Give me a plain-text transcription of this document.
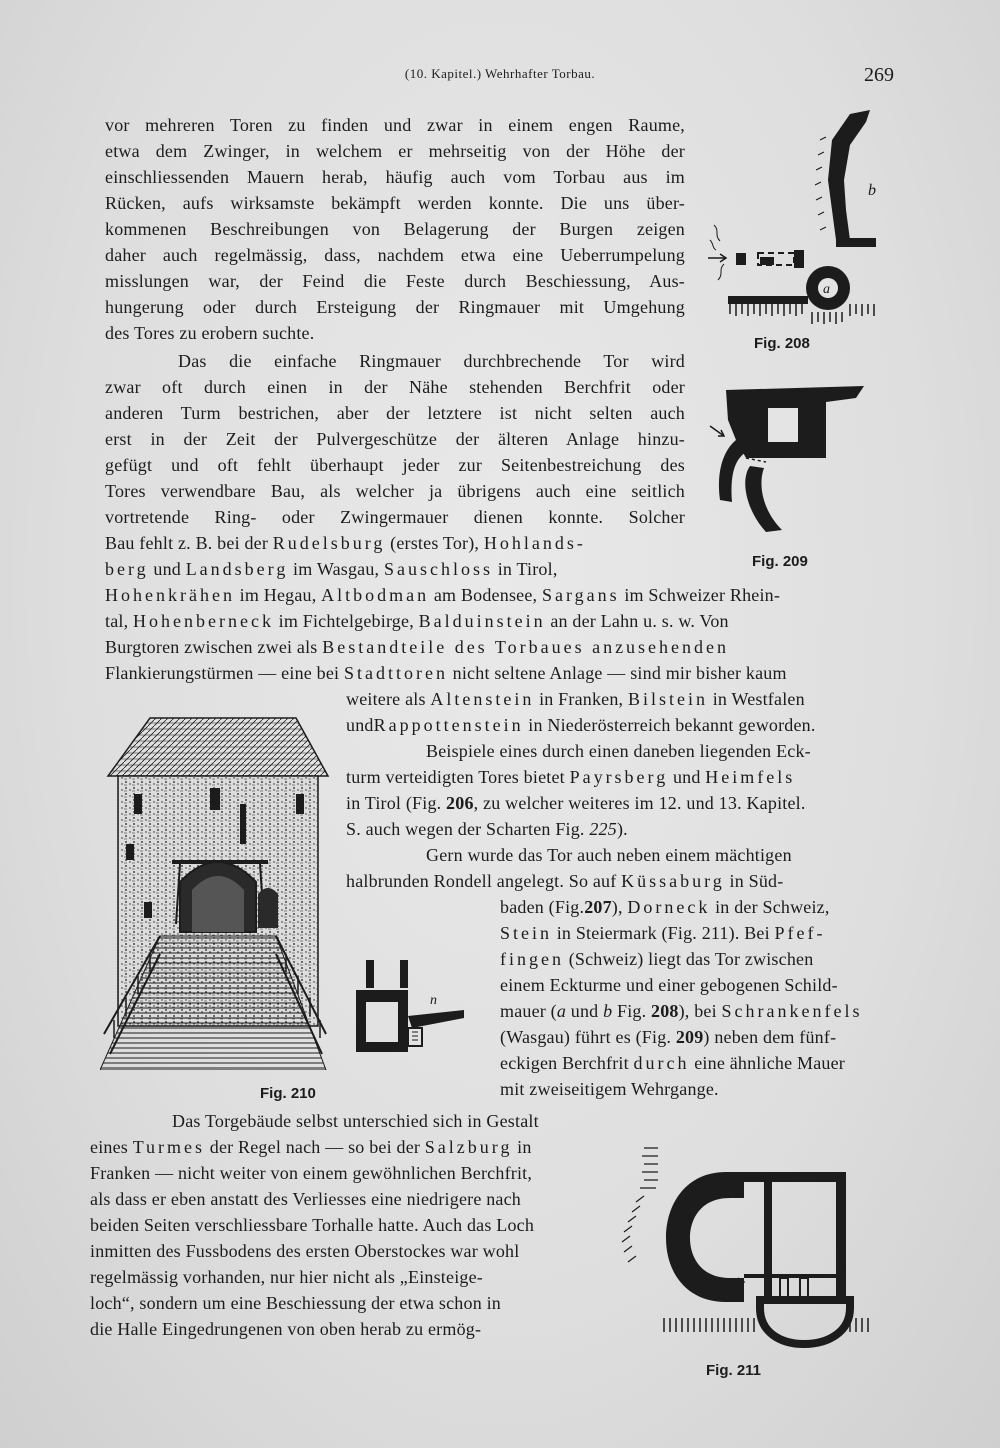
(10. Kapitel.) Wehrhafter Torbau.	269
vor mehreren Toren zu finden und zwar in einem engen Raume,
etwa dem Zwinger, in welchem er mehrseitig von der Höhe der
einschliessenden Mauern herab, häufig auch vom Torbau aus im
Rücken, aufs wirksamste bekämpft werden konnte. Die uns über-
kommenen Beschreibungen von Belagerung der Burgen zeigen
daher auch regelmässig, dass, nachdem etwa eine Ueberrumpelung
misslungen war, der Feind die Feste durch Beschiessung, Aus-
hungerung oder durch Ersteigung der Ringmauer mit Umgehung
des Tores zu erobern suchte.
Das die einfache Ringmauer durchbrechende Tor wird
zwar oft durch einen in der Nähe stehenden Berchfrit oder
anderen Turm bestrichen, aber der letztere ist nicht selten auch
erst in der Zeit der Pulvergeschütze der älteren Anlage hinzu-
gefügt und oft fehlt überhaupt jeder zur Seitenbestreichung des
Tores verwendbare Bau, als welcher ja übrigens auch eine seitlich
vortretende Ring- oder Zwingermauer dienen konnte. Solcher
Bau fehlt z. B. bei der Rudelsburg (erstes Tor), Hohlands-
berg und Landsberg im Wasgau, Sauschloss in Tirol,
Hohenkrähen im Hegau, Altbodman am Bodensee, Sargans im Schweizer Rhein-
tal, Hohenberneck im Fichtelgebirge, Balduinstein an der Lahn u. s. w. Von
Burgtoren zwischen zwei als Bestandteile des Torbaues anzusehenden
Flankierungstürmen — eine bei Stadttoren nicht seltene Anlage — sind mir bisher kaum
weitere als Altenstein in Franken, Bilstein in Westfalen
undRappottenstein in Niederösterreich bekannt geworden.
Beispiele eines durch einen daneben liegenden Eck-
turm verteidigten Tores bietet Payrsberg und Heimfels
in Tirol (Fig. 206, zu welcher weiteres im 12. und 13. Kapitel.
S. auch wegen der Scharten Fig. 225).
Gern wurde das Tor auch neben einem mächtigen
halbrunden Rondell angelegt. So auf Küssaburg in Süd-
baden (Fig.207), Dorneck in der Schweiz,
Stein in Steiermark (Fig. 211). Bei Pfef-
fingen (Schweiz) liegt das Tor zwischen
einem Eckturme und einer gebogenen Schild-
mauer (a und b Fig. 208), bei Schrankenfels
(Wasgau) führt es (Fig. 209) neben dem fünf-
eckigen Berchfrit durch eine ähnliche Mauer
mit zweiseitigem Wehrgange.
Das Torgebäude selbst unterschied sich in Gestalt
eines Turmes der Regel nach — so bei der Salzburg in
Franken — nicht weiter von einem gewöhnlichen Berchfrit,
als dass er eben anstatt des Verliesses eine niedrigere nach
beiden Seiten verschliessbare Torhalle hatte. Auch das Loch
inmitten des Fussbodens des ersten Oberstockes war wohl
regelmässig vorhanden, nur hier nicht als „Einsteige-
loch“, sondern um eine Beschiessung der etwa schon in
die Halle Eingedrungenen von oben herab zu ermög-
a
b
Fig. 208
Fig. 209
Fig. 210
n
Fig. 211
